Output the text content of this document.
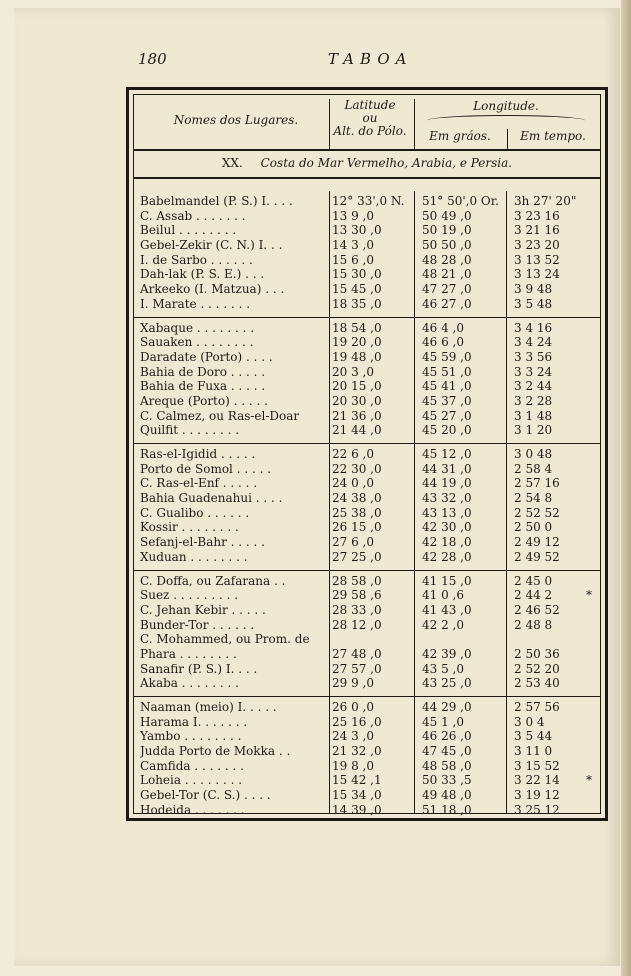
180	TABOA
Nomes dos Lugares.
Latitude
ou
Alt. do Pólo.
Longitude.
Em gráos.	Em tempo.
XX. Costa do Mar Vermelho, Arabia, e Persia.
Babelmandel (P. S.) I. . . .	12° 33',0 N.	51° 50',0 Or.	3h 27' 20"
C. Assab . . . . . . .	13 9 ,0	50 49 ,0	3 23 16
Beilul . . . . . . . .	13 30 ,0	50 19 ,0	3 21 16
Gebel-Zekir (C. N.) I. . .	14 3 ,0	50 50 ,0	3 23 20
I. de Sarbo . . . . . .	15 6 ,0	48 28 ,0	3 13 52
Dah-lak (P. S. E.) . . .	15 30 ,0	48 21 ,0	3 13 24
Arkeeko (I. Matzua) . . .	15 45 ,0	47 27 ,0	3 9 48
I. Marate . . . . . . .	18 35 ,0	46 27 ,0	3 5 48
Xabaque . . . . . . . .	18 54 ,0	46 4 ,0	3 4 16
Sauaken . . . . . . . .	19 20 ,0	46 6 ,0	3 4 24
Daradate (Porto) . . . .	19 48 ,0	45 59 ,0	3 3 56
Bahia de Doro . . . . .	20 3 ,0	45 51 ,0	3 3 24
Bahia de Fuxa . . . . .	20 15 ,0	45 41 ,0	3 2 44
Areque (Porto) . . . . .	20 30 ,0	45 37 ,0	3 2 28
C. Calmez, ou Ras-el-Doar	21 36 ,0	45 27 ,0	3 1 48
Quilfit . . . . . . . .	21 44 ,0	45 20 ,0	3 1 20
Ras-el-Igidid . . . . .	22 6 ,0	45 12 ,0	3 0 48
Porto de Somol . . . . .	22 30 ,0	44 31 ,0	2 58 4
C. Ras-el-Enf . . . . .	24 0 ,0	44 19 ,0	2 57 16
Bahia Guadenahui . . . .	24 38 ,0	43 32 ,0	2 54 8
C. Gualibo . . . . . .	25 38 ,0	43 13 ,0	2 52 52
Kossir . . . . . . . .	26 15 ,0	42 30 ,0	2 50 0
Sefanj-el-Bahr . . . . .	27 6 ,0	42 18 ,0	2 49 12
Xuduan . . . . . . . .	27 25 ,0	42 28 ,0	2 49 52
C. Doffa, ou Zafarana . .	28 58 ,0	41 15 ,0	2 45 0
Suez . . . . . . . . .	29 58 ,6	41 0 ,6	2 44 2	*
C. Jehan Kebir . . . . .	28 33 ,0	41 43 ,0	2 46 52
Bunder-Tor . . . . . .	28 12 ,0	42 2 ,0	2 48 8
C. Mohammed, ou Prom. de
Phara . . . . . . . .	27 48 ,0	42 39 ,0	2 50 36
Sanafir (P. S.) I. . . .	27 57 ,0	43 5 ,0	2 52 20
Akaba . . . . . . . .	29 9 ,0	43 25 ,0	2 53 40
Naaman (meio) I. . . . .	26 0 ,0	44 29 ,0	2 57 56
Harama I. . . . . . .	25 16 ,0	45 1 ,0	3 0 4
Yambo . . . . . . . .	24 3 ,0	46 26 ,0	3 5 44
Judda Porto de Mokka . .	21 32 ,0	47 45 ,0	3 11 0
Camfida . . . . . . .	19 8 ,0	48 58 ,0	3 15 52
Loheia . . . . . . . .	15 42 ,1	50 33 ,5	3 22 14	*
Gebel-Tor (C. S.) . . . .	15 34 ,0	49 48 ,0	3 19 12
Hodeida . . . . . . .	14 39 ,0	51 18 ,0	3 25 12
